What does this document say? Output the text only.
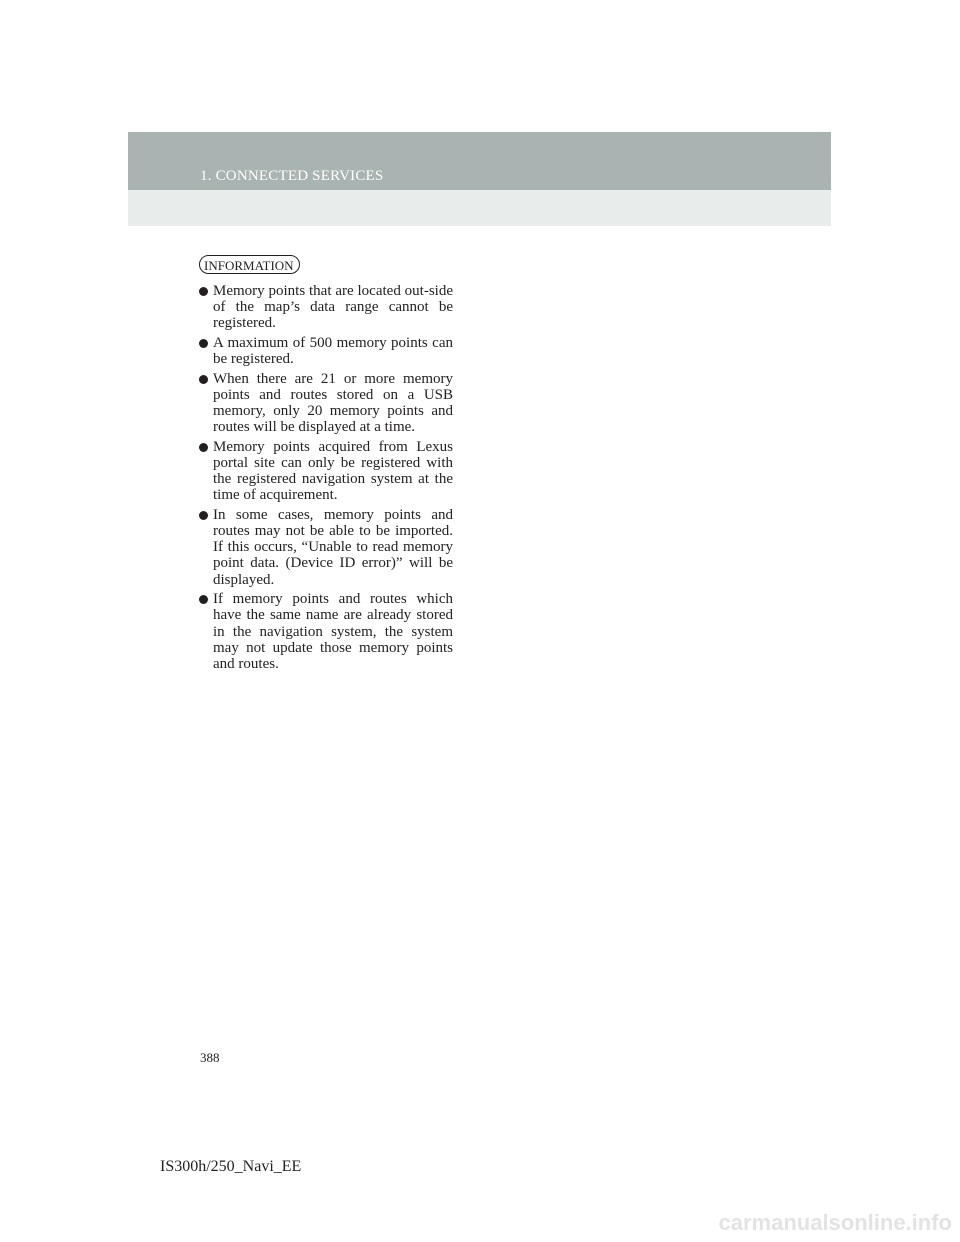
1. CONNECTED SERVICES
INFORMATION
Memory points that are located out-side of the map’s data range cannot be registered.
A maximum of 500 memory points can be registered.
When there are 21 or more memory points and routes stored on a USB memory, only 20 memory points and routes will be displayed at a time.
Memory points acquired from Lexus portal site can only be registered with the registered navigation system at the time of acquirement.
In some cases, memory points and routes may not be able to be imported. If this occurs, “Unable to read memory point data. (Device ID error)” will be displayed.
If memory points and routes which have the same name are already stored in the navigation system, the system may not update those memory points and routes.
388
IS300h/250_Navi_EE
carmanualsonline.info
